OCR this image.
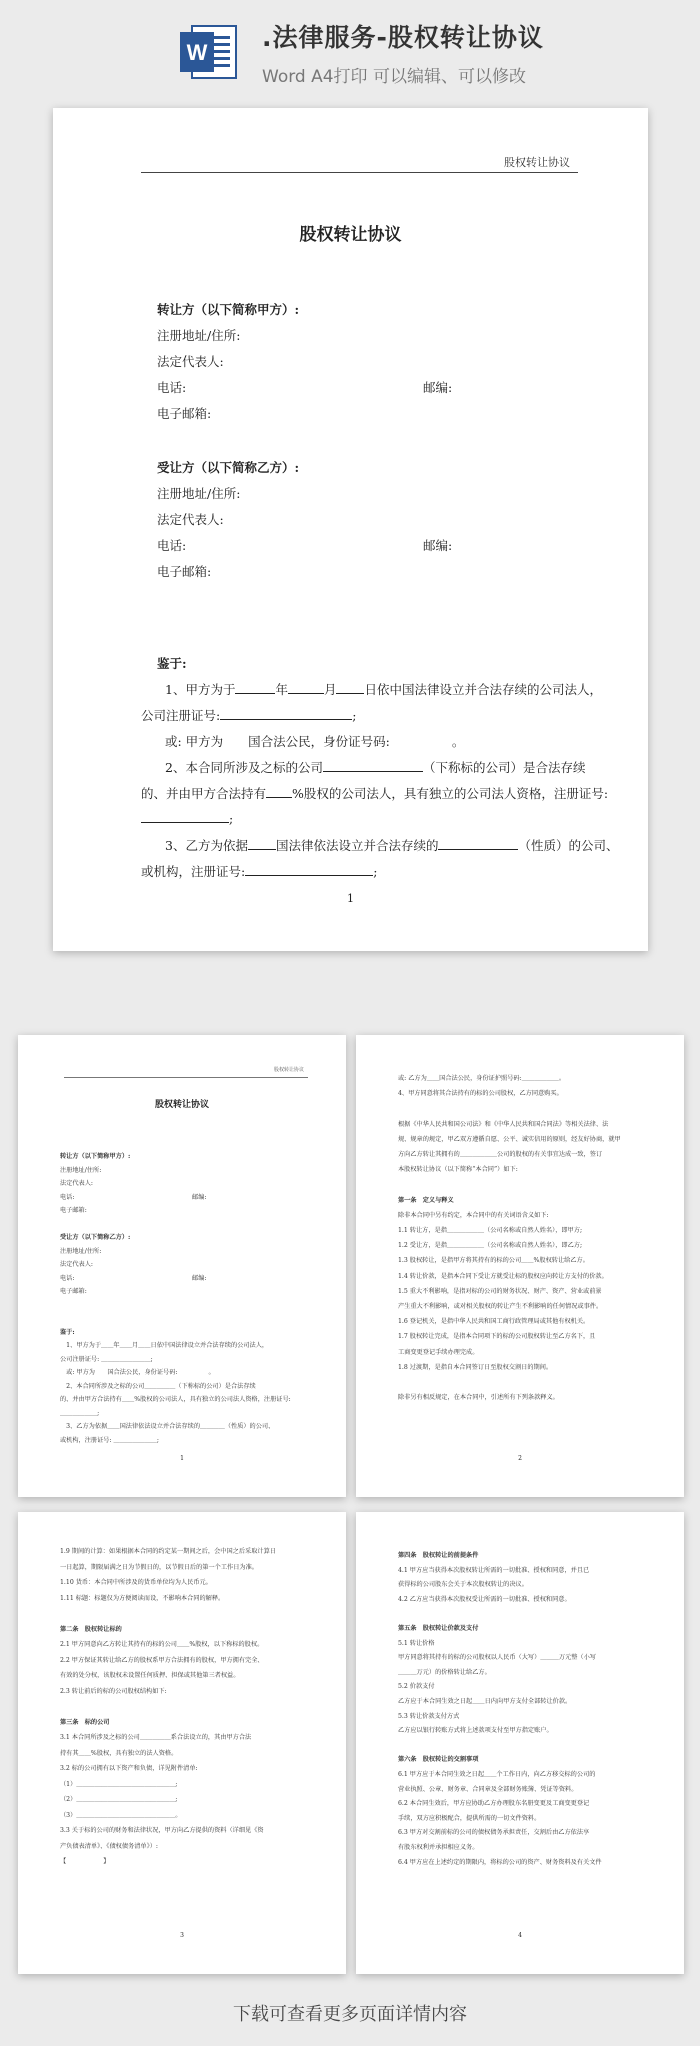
W
.法律服务-股权转让协议
Word A4打印 可以编辑、可以修改
股权转让协议
股权转让协议
转让方（以下简称甲方）:
注册地址/住所:
法定代表人:
电话:	邮编:
电子邮箱:
受让方（以下简称乙方）:
注册地址/住所:
法定代表人:
电话:	邮编:
电子邮箱:
鉴于:
1、甲方为于	年	月 日依中国法律设立并合法存续的公司法人，
公司注册证号:	;
或: 甲方为　　国合法公民，身份证号码:	。
2、本合同所涉及之标的公司	（下称标的公司）是合法存续
的、并由甲方合法持有 %股权的公司法人，具有独立的公司法人资格，注册证号:
;
3、乙方为依据 国法律依法设立并合法存续的	（性质）的公司、
或机构，注册证号:	;
1
股权转让协议
股权转让协议
1
转让方（以下简称甲方）:
注册地址/住所:
法定代表人:
电话:　　　　　　　　　　　　　　　　　　　邮编:
电子邮箱:
受让方（以下简称乙方）:
注册地址/住所:
法定代表人:
电话:　　　　　　　　　　　　　　　　　　　邮编:
电子邮箱:
鉴于:
　1、甲方为于＿＿年＿＿月＿＿日依中国法律设立并合法存续的公司法人，
公司注册证号: ＿＿＿＿＿＿＿＿;
　或: 甲方为　　国合法公民，身份证号码:　　　　　。
　2、本合同所涉及之标的公司＿＿＿＿＿（下称标的公司）是合法存续
的、并由甲方合法持有＿＿%股权的公司法人，具有独立的公司法人资格，注册证号:
＿＿＿＿＿＿;
　3、乙方为依据＿＿国法律依法设立并合法存续的＿＿＿＿（性质）的公司、
或机构，注册证号: ＿＿＿＿＿＿＿;
2
或: 乙方为＿＿国合法公民，身份证护照号码:＿＿＿＿＿＿。
4、甲方同意将其合法持有的标的公司股权，乙方同意购买。
根据《中华人民共和国公司法》和《中华人民共和国合同法》等相关法律、法
规、规章的规定，甲乙双方遵循自愿、公平、诚实信用的原则，经友好协商，就甲
方向乙方转让其拥有的＿＿＿＿＿＿公司的股权的有关事宜达成一致，签订
本股权转让协议（以下简称“本合同”）如下:
第一条　定义与释义
除非本合同中另有约定，本合同中的有关词语含义如下:
1.1 转让方，是指＿＿＿＿＿＿（公司名称或自然人姓名），即甲方;
1.2 受让方，是指＿＿＿＿＿＿（公司名称或自然人姓名），即乙方;
1.3 股权转让，是指甲方将其持有的标的公司＿＿%股权转让给乙方。
1.4 转让价款，是指本合同下受让方就受让标的股权应向转让方支付的价款。
1.5 重大不利影响，是指对标的公司的财务状况、财产、资产、营业或前景
产生重大不利影响，或对相关股权的转让产生不利影响的任何情况或事件。
1.6 登记机关，是指中华人民共和国工商行政管理局或其他有权机关。
1.7 股权转让完成，是指本合同项下的标的公司股权转让至乙方名下，且
工商变更登记手续办理完成。
1.8 过渡期，是指自本合同签订日至股权交割日的期间。
除非另有相反规定，在本合同中，引述所有下列条款释义。
3
1.9 期间的计算：如果根据本合同的约定某一期间之后，会中国之后采取计算日
一日起算，期限届满之日为节假日的，以节假日后的第一个工作日为准。
1.10 货币：本合同中所涉及的货币单位均为人民币元。
1.11 标题：标题仅为方便阅读而设，不影响本合同的解释。
第二条　股权转让标的
2.1 甲方同意向乙方转让其持有的标的公司＿＿%股权，以下称标的股权。
2.2 甲方保证其转让给乙方的股权系甲方合法拥有的股权，甲方拥有完全、
有效的处分权，该股权未设置任何质押、担保或其他第三者权益。
2.3 转让前后的标的公司股权结构如下:
第三条　标的公司
3.1 本合同所涉及之标的公司＿＿＿＿＿系合法设立的，其由甲方合法
持有其＿＿%股权，具有独立的法人资格。
3.2 标的公司拥有以下资产和负债，详见附件清单:
（1）＿＿＿＿＿＿＿＿＿＿＿＿＿＿＿＿;
（2）＿＿＿＿＿＿＿＿＿＿＿＿＿＿＿＿;
（3）＿＿＿＿＿＿＿＿＿＿＿＿＿＿＿＿。
3.3 关于标的公司的财务和法律状况，甲方向乙方提供的资料（详细见《资
产负债表清单》、《债权债务清单》）:
【　　　　　　】
4
第四条　股权转让的前提条件
4.1 甲方应当获得本次股权转让所需的一切批准、授权和同意，并且已
获得标的公司股东会关于本次股权转让的决议。
4.2 乙方应当获得本次股权受让所需的一切批准、授权和同意。
第五条　股权转让价款及支付
5.1 转让价格
甲方同意将其持有的标的公司股权以人民币（大写）＿＿＿万元整（小写
＿＿＿万元）的价格转让给乙方。
5.2 价款支付
乙方应于本合同生效之日起＿＿日内向甲方支付全部转让价款。
5.3 转让价款支付方式
乙方应以银行转账方式将上述款项支付至甲方指定账户。
第六条　股权转让的交割事项
6.1 甲方应于本合同生效之日起＿＿个工作日内，向乙方移交标的公司的
营业执照、公章、财务章、合同章及全部财务账簿、凭证等资料。
6.2 本合同生效后，甲方应协助乙方办理股东名册变更及工商变更登记
手续，双方应积极配合，提供所需的一切文件资料。
6.3 甲方对交割前标的公司的债权债务承担责任，交割后由乙方依法享
有股东权利并承担相应义务。
6.4 甲方应在上述约定的期限内，将标的公司的资产、财务资料及有关文件
下载可查看更多页面详情内容
